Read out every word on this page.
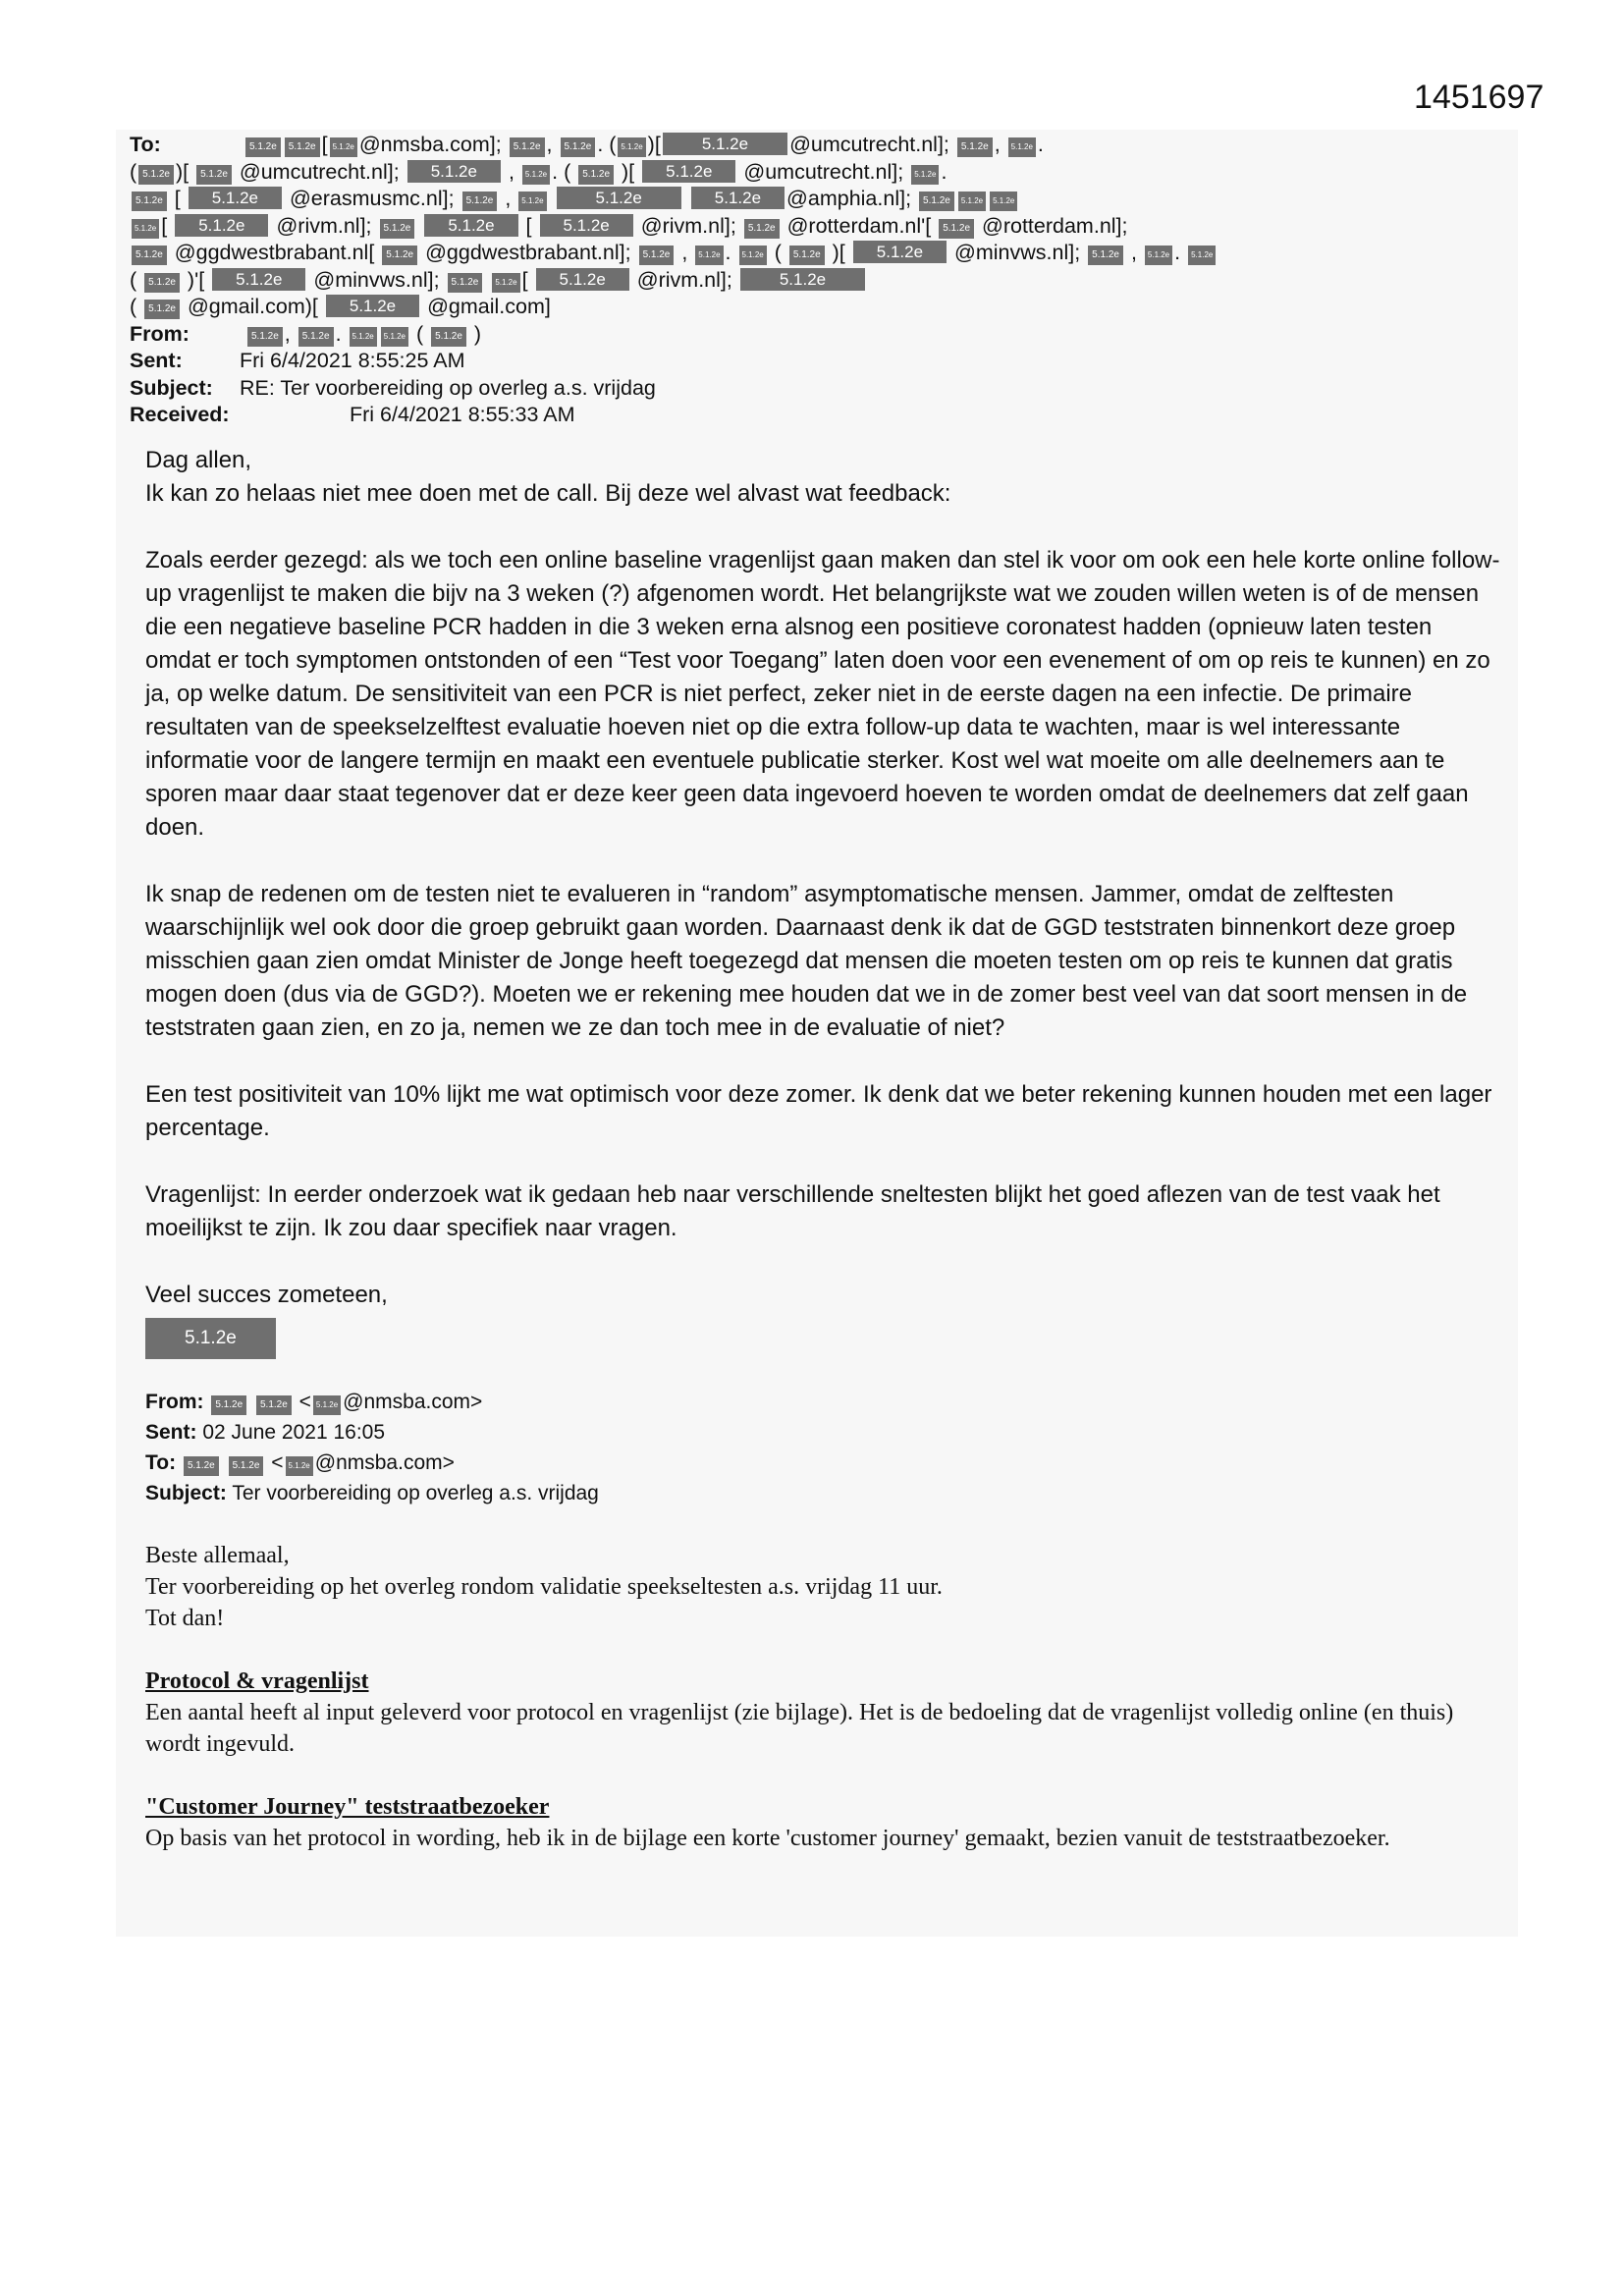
1451697

To:	5.1.2e 5.1.2e [ 5.1.2e @nmsba.com]; 5.1.2e , 5.1.2e . ( 5.1.2e )[ 5.1.2e @umcutrecht.nl]; 5.1.2e , 5.1.2e .

( 5.1.2e )[ 5.1.2e @umcutrecht.nl]; 5.1.2e , 5.1.2e . ( 5.1.2e )[ 5.1.2e @umcutrecht.nl]; 5.1.2e .

5.1.2e [ 5.1.2e @erasmusmc.nl]; 5.1.2e , 5.1.2e	5.1.2e	5.1.2e @amphia.nl]; 5.1.2e 5.1.2e 5.1.2e

5.1.2e [ 5.1.2e @rivm.nl]; 5.1.2e 5.1.2e [ 5.1.2e @rivm.nl]; 5.1.2e @rotterdam.nl'[ 5.1.2e @rotterdam.nl];

5.1.2e @ggdwestbrabant.nl[ 5.1.2e @ggdwestbrabant.nl]; 5.1.2e , 5.1.2e . 5.1.2e ( 5.1.2e )[ 5.1.2e @minvws.nl]; 5.1.2e , 5.1.2e . 5.1.2e

( 5.1.2e )'[ 5.1.2e @minvws.nl]; 5.1.2e 5.1.2e [ 5.1.2e @rivm.nl];	5.1.2e

( 5.1.2e @gmail.com)[ 5.1.2e @gmail.com]

From:	5.1.2e , 5.1.2e . 5.1.2e 5.1.2e ( 5.1.2e )

Sent:	Fri 6/4/2021 8:55:25 AM

Subject: RE: Ter voorbereiding op overleg a.s. vrijdag

Received:	Fri 6/4/2021 8:55:33 AM

Dag allen,

Ik kan zo helaas niet mee doen met de call. Bij deze wel alvast wat feedback:

Zoals eerder gezegd: als we toch een online baseline vragenlijst gaan maken dan stel ik voor om ook een hele korte online follow-up vragenlijst te maken die bijv na 3 weken (?) afgenomen wordt. Het belangrijkste wat we zouden willen weten is of de mensen die een negatieve baseline PCR hadden in die 3 weken erna alsnog een positieve coronatest hadden (opnieuw laten testen omdat er toch symptomen ontstonden of een “Test voor Toegang” laten doen voor een evenement of om op reis te kunnen) en zo ja, op welke datum. De sensitiviteit van een PCR is niet perfect, zeker niet in de eerste dagen na een infectie. De primaire resultaten van de speekselzelftest evaluatie hoeven niet op die extra follow-up data te wachten, maar is wel interessante informatie voor de langere termijn en maakt een eventuele publicatie sterker. Kost wel wat moeite om alle deelnemers aan te sporen maar daar staat tegenover dat er deze keer geen data ingevoerd hoeven te worden omdat de deelnemers dat zelf gaan doen.

Ik snap de redenen om de testen niet te evalueren in “random” asymptomatische mensen. Jammer, omdat de zelftesten waarschijnlijk wel ook door die groep gebruikt gaan worden. Daarnaast denk ik dat de GGD teststraten binnenkort deze groep misschien gaan zien omdat Minister de Jonge heeft toegezegd dat mensen die moeten testen om op reis te kunnen dat gratis mogen doen (dus via de GGD?). Moeten we er rekening mee houden dat we in de zomer best veel van dat soort mensen in de teststraten gaan zien, en zo ja, nemen we ze dan toch mee in de evaluatie of niet?

Een test positiviteit van 10% lijkt me wat optimisch voor deze zomer. Ik denk dat we beter rekening kunnen houden met een lager percentage.

Vragenlijst: In eerder onderzoek wat ik gedaan heb naar verschillende sneltesten blijkt het goed aflezen van de test vaak het moeilijkst te zijn. Ik zou daar specifiek naar vragen.

Veel succes zometeen,

5.1.2e

From: 5.1.2e 5.1.2e < 5.1.2e @nmsba.com>

Sent: 02 June 2021 16:05

To: 5.1.2e 5.1.2e < 5.1.2e @nmsba.com>

Subject: Ter voorbereiding op overleg a.s. vrijdag

Beste allemaal,

Ter voorbereiding op het overleg rondom validatie speekseltesten a.s. vrijdag 11 uur.

Tot dan!

Protocol & vragenlijst

Een aantal heeft al input geleverd voor protocol en vragenlijst (zie bijlage). Het is de bedoeling dat de vragenlijst volledig online (en thuis) wordt ingevuld.

"Customer Journey" teststraatbezoeker

Op basis van het protocol in wording, heb ik in de bijlage een korte 'customer journey' gemaakt, bezien vanuit de teststraatbezoeker.
